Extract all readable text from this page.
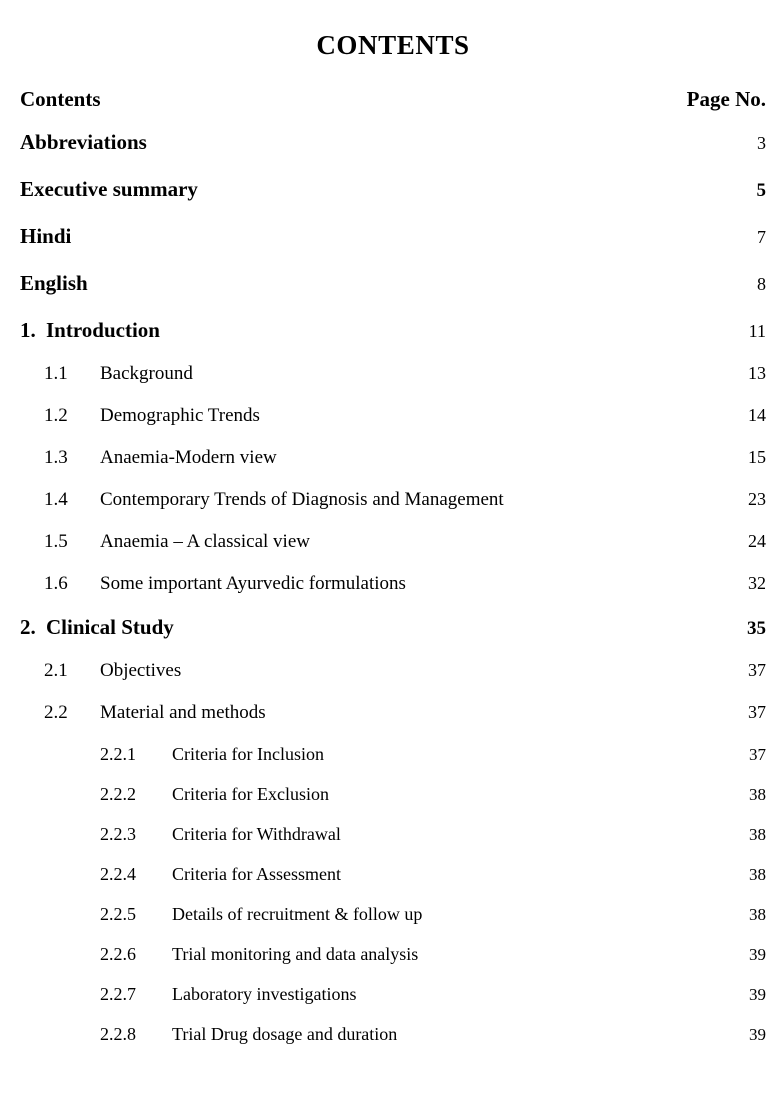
CONTENTS
Contents	Page No.
Abbreviations	3
Executive summary	5
Hindi	7
English	8
1. Introduction	11
1.1	Background	13
1.2	Demographic Trends	14
1.3	Anaemia-Modern view	15
1.4	Contemporary Trends of Diagnosis and Management	23
1.5	Anaemia – A classical view	24
1.6	Some important Ayurvedic formulations	32
2. Clinical Study	35
2.1	Objectives	37
2.2	Material and methods	37
2.2.1	Criteria for Inclusion	37
2.2.2	Criteria for Exclusion	38
2.2.3	Criteria for Withdrawal	38
2.2.4	Criteria for Assessment	38
2.2.5	Details of recruitment & follow up	38
2.2.6	Trial monitoring and data analysis	39
2.2.7	Laboratory investigations	39
2.2.8	Trial Drug dosage and duration	39
